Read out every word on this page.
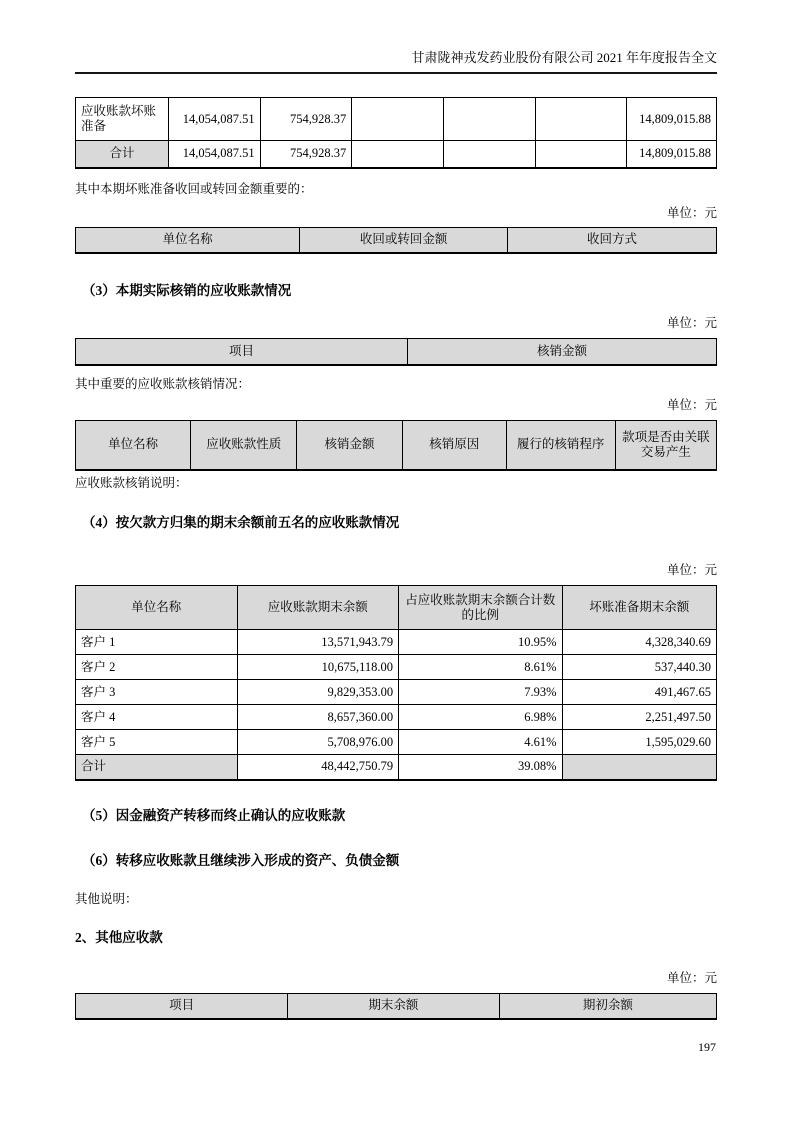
甘肃陇神戎发药业股份有限公司 2021 年年度报告全文
应收账款坏账准备	14,054,087.51	754,928.37				14,809,015.88
合计	14,054,087.51	754,928.37				14,809,015.88

其中本期坏账准备收回或转回金额重要的：

单位：元
单位名称	收回或转回金额	收回方式
（3）本期实际核销的应收账款情况
单位：元
项目	核销金额

其中重要的应收账款核销情况：

单位：元
单位名称	应收账款性质	核销金额	核销原因	履行的核销程序	款项是否由关联交易产生

应收账款核销说明：

（4）按欠款方归集的期末余额前五名的应收账款情况
单位：元
单位名称	应收账款期末余额	占应收账款期末余额合计数的比例	坏账准备期末余额
客户 1	13,571,943.79	10.95%	4,328,340.69
客户 2	10,675,118.00	8.61%	537,440.30
客户 3	9,829,353.00	7.93%	491,467.65
客户 4	8,657,360.00	6.98%	2,251,497.50
客户 5	5,708,976.00	4.61%	1,595,029.60
合计	48,442,750.79	39.08%	
（5）因金融资产转移而终止确认的应收账款
（6）转移应收账款且继续涉入形成的资产、负债金额

其他说明：

2、其他应收款
单位：元
项目	期末余额	期初余额
197
